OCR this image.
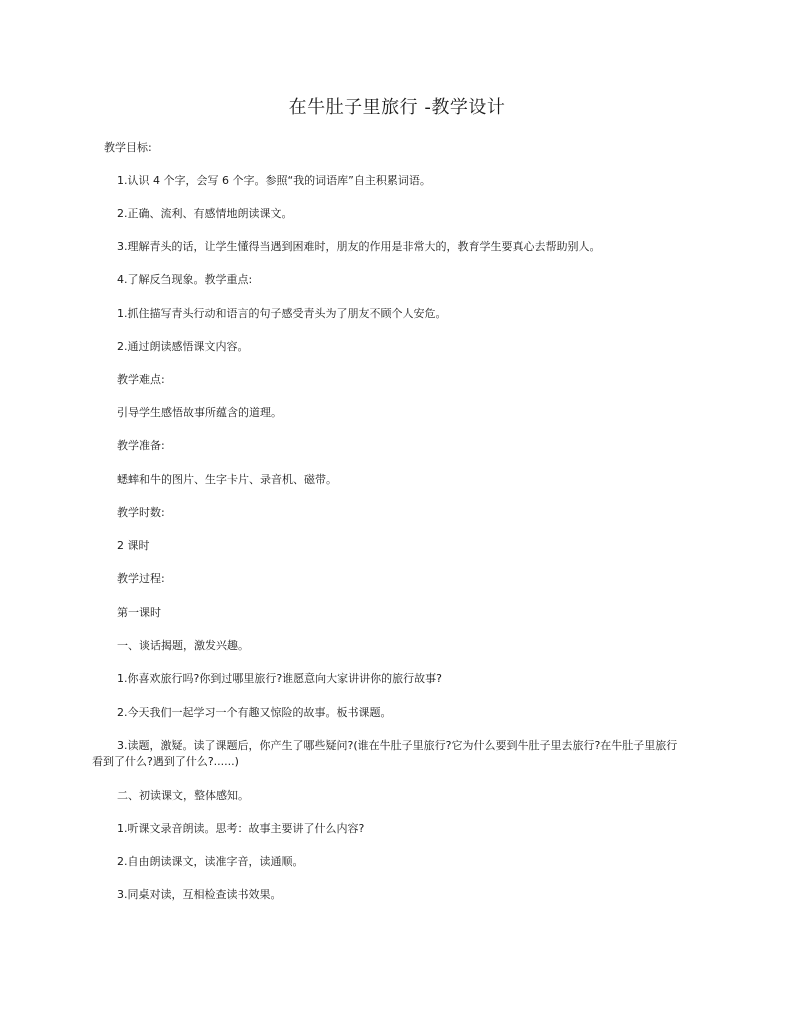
在牛肚子里旅行 -教学设计

教学目标:

1.认识 4 个字，会写 6 个字。参照“我的词语库”自主积累词语。

2.正确、流利、有感情地朗读课文。

3.理解青头的话，让学生懂得当遇到困难时，朋友的作用是非常大的，教育学生要真心去帮助别人。

4.了解反刍现象。教学重点:

1.抓住描写青头行动和语言的句子感受青头为了朋友不顾个人安危。

2.通过朗读感悟课文内容。

教学难点:

引导学生感悟故事所蕴含的道理。

教学准备:

蟋蟀和牛的图片、生字卡片、录音机、磁带。

教学时数:

2 课时

教学过程:

第一课时

一、谈话揭题，激发兴趣。

1.你喜欢旅行吗?你到过哪里旅行?谁愿意向大家讲讲你的旅行故事?

2.今天我们一起学习一个有趣又惊险的故事。板书课题。

3.读题，激疑。读了课题后，你产生了哪些疑问?(谁在牛肚子里旅行?它为什么要到牛肚子里去旅行?在牛肚子里旅行

看到了什么?遇到了什么?......)

二、初读课文，整体感知。

1.听课文录音朗读。思考：故事主要讲了什么内容?

2.自由朗读课文，读准字音，读通顺。

3.同桌对读，互相检查读书效果。
